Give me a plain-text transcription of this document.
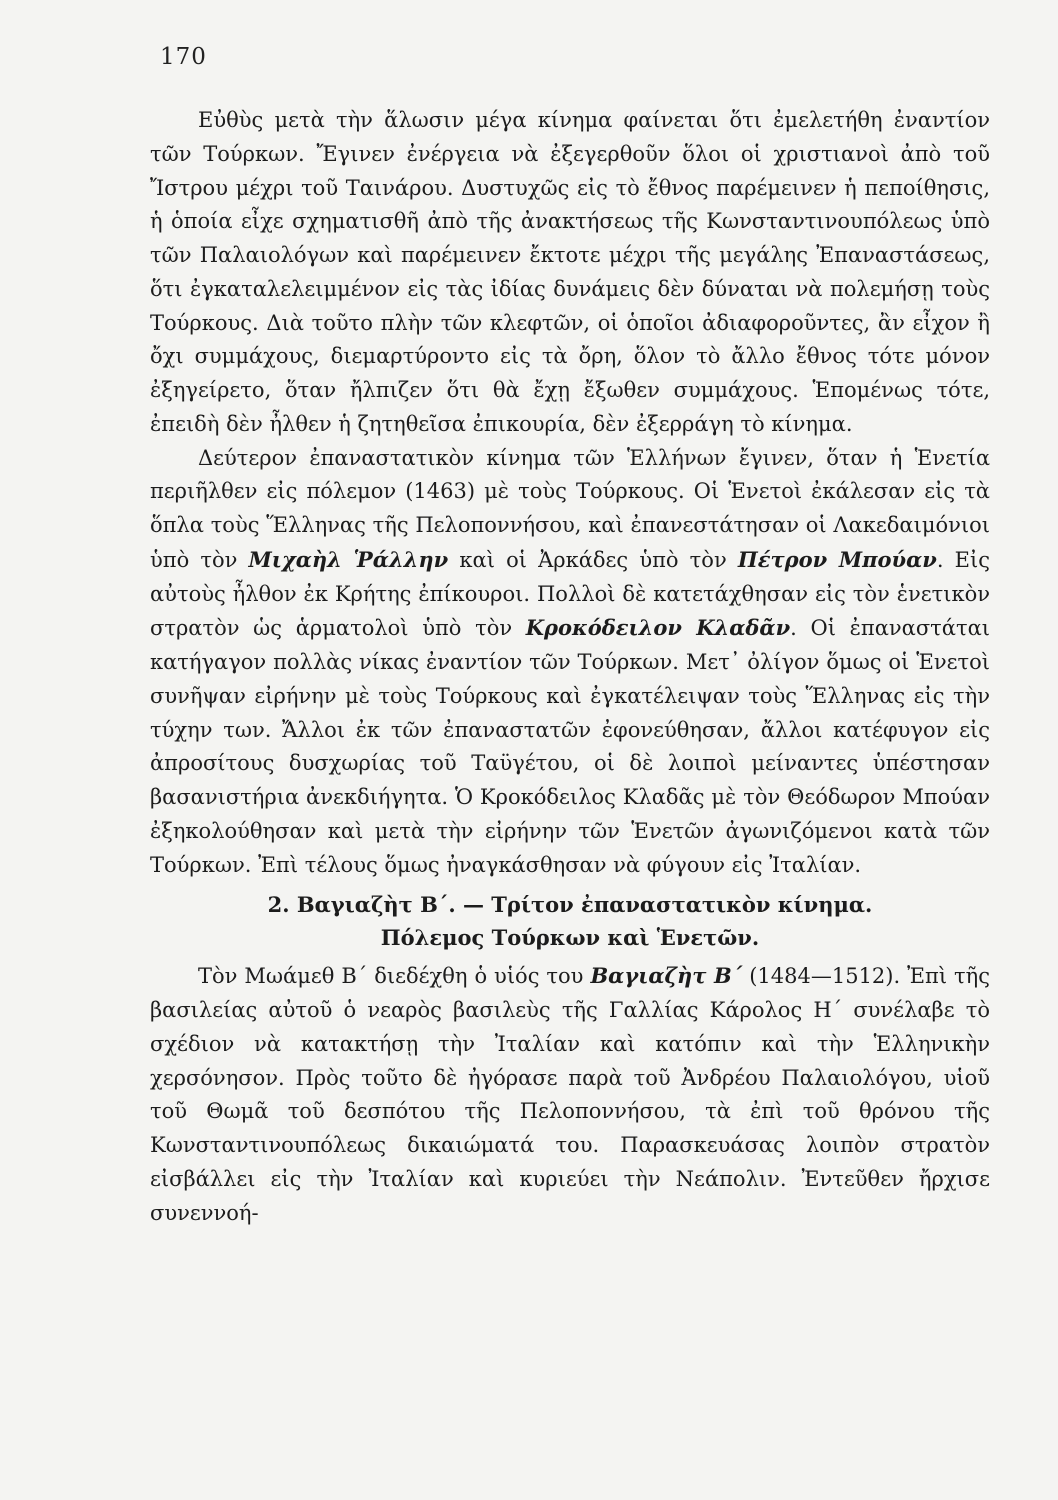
170

Εὐθὺς μετὰ τὴν ἅλωσιν μέγα κίνημα φαίνεται ὅτι ἐμελετήθη ἐναντίον τῶν Τούρκων. Ἔγινεν ἐνέργεια νὰ ἐξεγερθοῦν ὅλοι οἱ χριστιανοὶ ἀπὸ τοῦ Ἴστρου μέχρι τοῦ Ταινάρου. Δυστυχῶς εἰς τὸ ἔθνος παρέμεινεν ἡ πεποίθησις, ἡ ὁποία εἶχε σχηματισθῆ ἀπὸ τῆς ἀνακτήσεως τῆς Κωνσταντινουπόλεως ὑπὸ τῶν Παλαιολόγων καὶ παρέμεινεν ἔκτοτε μέχρι τῆς μεγάλης Ἐπαναστάσεως, ὅτι ἐγκαταλελειμμένον εἰς τὰς ἰδίας δυνάμεις δὲν δύναται νὰ πολεμήσῃ τοὺς Τούρκους. Διὰ τοῦτο πλὴν τῶν κλεφτῶν, οἱ ὁποῖοι ἀδιαφοροῦντες, ἂν εἶχον ἢ ὄχι συμμάχους, διεμαρτύροντο εἰς τὰ ὄρη, ὅλον τὸ ἄλλο ἔθνος τότε μόνον ἐξηγείρετο, ὅταν ἤλπιζεν ὅτι θὰ ἔχῃ ἔξωθεν συμμάχους. Ἑπομένως τότε, ἐπειδὴ δὲν ἦλθεν ἡ ζητηθεῖσα ἐπικουρία, δὲν ἐξερράγη τὸ κίνημα.

Δεύτερον ἐπαναστατικὸν κίνημα τῶν Ἑλλήνων ἔγινεν, ὅταν ἡ Ἑνετία περιῆλθεν εἰς πόλεμον (1463) μὲ τοὺς Τούρκους. Οἱ Ἑνετοὶ ἐκάλεσαν εἰς τὰ ὅπλα τοὺς Ἕλληνας τῆς Πελοποννήσου, καὶ ἐπανεστάτησαν οἱ Λακεδαιμόνιοι ὑπὸ τὸν Μιχαὴλ Ῥάλλην καὶ οἱ Ἀρκάδες ὑπὸ τὸν Πέτρον Μπούαν. Εἰς αὐτοὺς ἦλθον ἐκ Κρήτης ἐπίκουροι. Πολλοὶ δὲ κατετάχθησαν εἰς τὸν ἑνετικὸν στρατὸν ὡς ἁρματολοὶ ὑπὸ τὸν Κροκόδειλον Κλαδᾶν. Οἱ ἐπαναστάται κατήγαγον πολλὰς νίκας ἐναντίον τῶν Τούρκων. Μετ᾽ ὀλίγον ὅμως οἱ Ἑνετοὶ συνῆψαν εἰρήνην μὲ τοὺς Τούρκους καὶ ἐγκατέλειψαν τοὺς Ἕλληνας εἰς τὴν τύχην των. Ἄλλοι ἐκ τῶν ἐπαναστατῶν ἐφονεύθησαν, ἄλλοι κατέφυγον εἰς ἀπροσίτους δυσχωρίας τοῦ Ταϋγέτου, οἱ δὲ λοιποὶ μείναντες ὑπέστησαν βασανιστήρια ἀνεκδιήγητα. Ὁ Κροκόδειλος Κλαδᾶς μὲ τὸν Θεόδωρον Μπούαν ἐξηκολούθησαν καὶ μετὰ τὴν εἰρήνην τῶν Ἑνετῶν ἀγωνιζόμενοι κατὰ τῶν Τούρκων. Ἐπὶ τέλους ὅμως ἠναγκάσθησαν νὰ φύγουν εἰς Ἰταλίαν.

2. Βαγιαζὴτ Β΄. — Τρίτον ἐπαναστατικὸν κίνημα.
Πόλεμος Τούρκων καὶ Ἑνετῶν.

Τὸν Μωάμεθ Β΄ διεδέχθη ὁ υἱός του Βαγιαζὴτ Β΄ (1484—1512). Ἐπὶ τῆς βασιλείας αὐτοῦ ὁ νεαρὸς βασιλεὺς τῆς Γαλλίας Κάρολος Η΄ συνέλαβε τὸ σχέδιον νὰ κατακτήσῃ τὴν Ἰταλίαν καὶ κατόπιν καὶ τὴν Ἑλληνικὴν χερσόνησον. Πρὸς τοῦτο δὲ ἠγόρασε παρὰ τοῦ Ἀνδρέου Παλαιολόγου, υἱοῦ τοῦ Θωμᾶ τοῦ δεσπότου τῆς Πελοποννήσου, τὰ ἐπὶ τοῦ θρόνου τῆς Κωνσταντινουπόλεως δικαιώματά του. Παρασκευάσας λοιπὸν στρατὸν εἰσβάλλει εἰς τὴν Ἰταλίαν καὶ κυριεύει τὴν Νεάπολιν. Ἐντεῦθεν ἤρχισε συνεννοή-
